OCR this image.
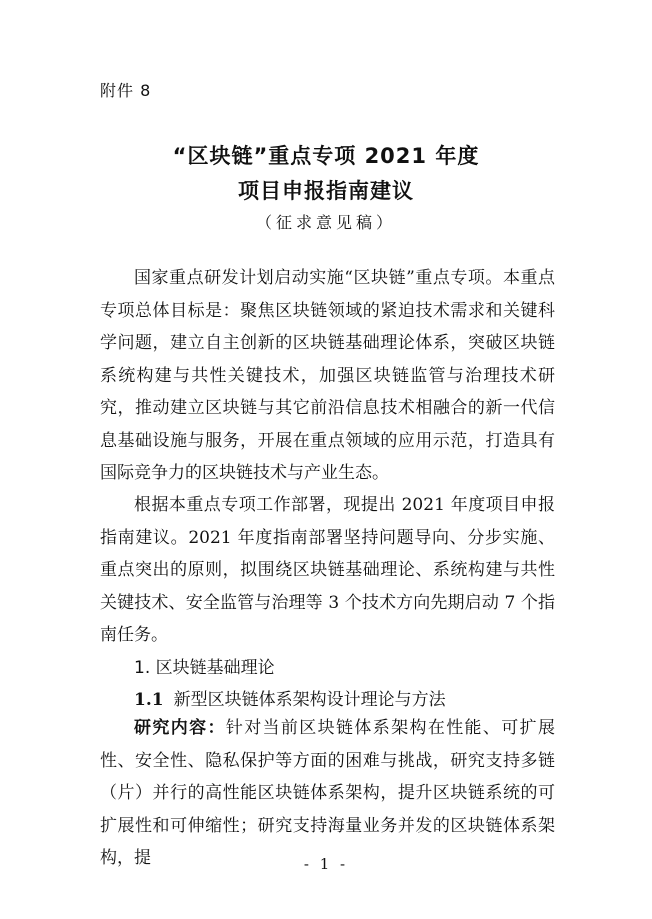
附件 8
“区块链”重点专项 2021 年度
项目申报指南建议
（征求意见稿）

国家重点研发计划启动实施“区块链”重点专项。本重点专项总体目标是：聚焦区块链领域的紧迫技术需求和关键科学问题，建立自主创新的区块链基础理论体系，突破区块链系统构建与共性关键技术，加强区块链监管与治理技术研究，推动建立区块链与其它前沿信息技术相融合的新一代信息基础设施与服务，开展在重点领域的应用示范，打造具有国际竞争力的区块链技术与产业生态。

根据本重点专项工作部署，现提出 2021 年度项目申报指南建议。2021 年度指南部署坚持问题导向、分步实施、重点突出的原则，拟围绕区块链基础理论、系统构建与共性关键技术、安全监管与治理等 3 个技术方向先期启动 7 个指南任务。

1. 区块链基础理论
1.1 新型区块链体系架构设计理论与方法

研究内容：针对当前区块链体系架构在性能、可扩展性、安全性、隐私保护等方面的困难与挑战，研究支持多链（片）并行的高性能区块链体系架构，提升区块链系统的可扩展性和可伸缩性；研究支持海量业务并发的区块链体系架构，提	- 1 -
